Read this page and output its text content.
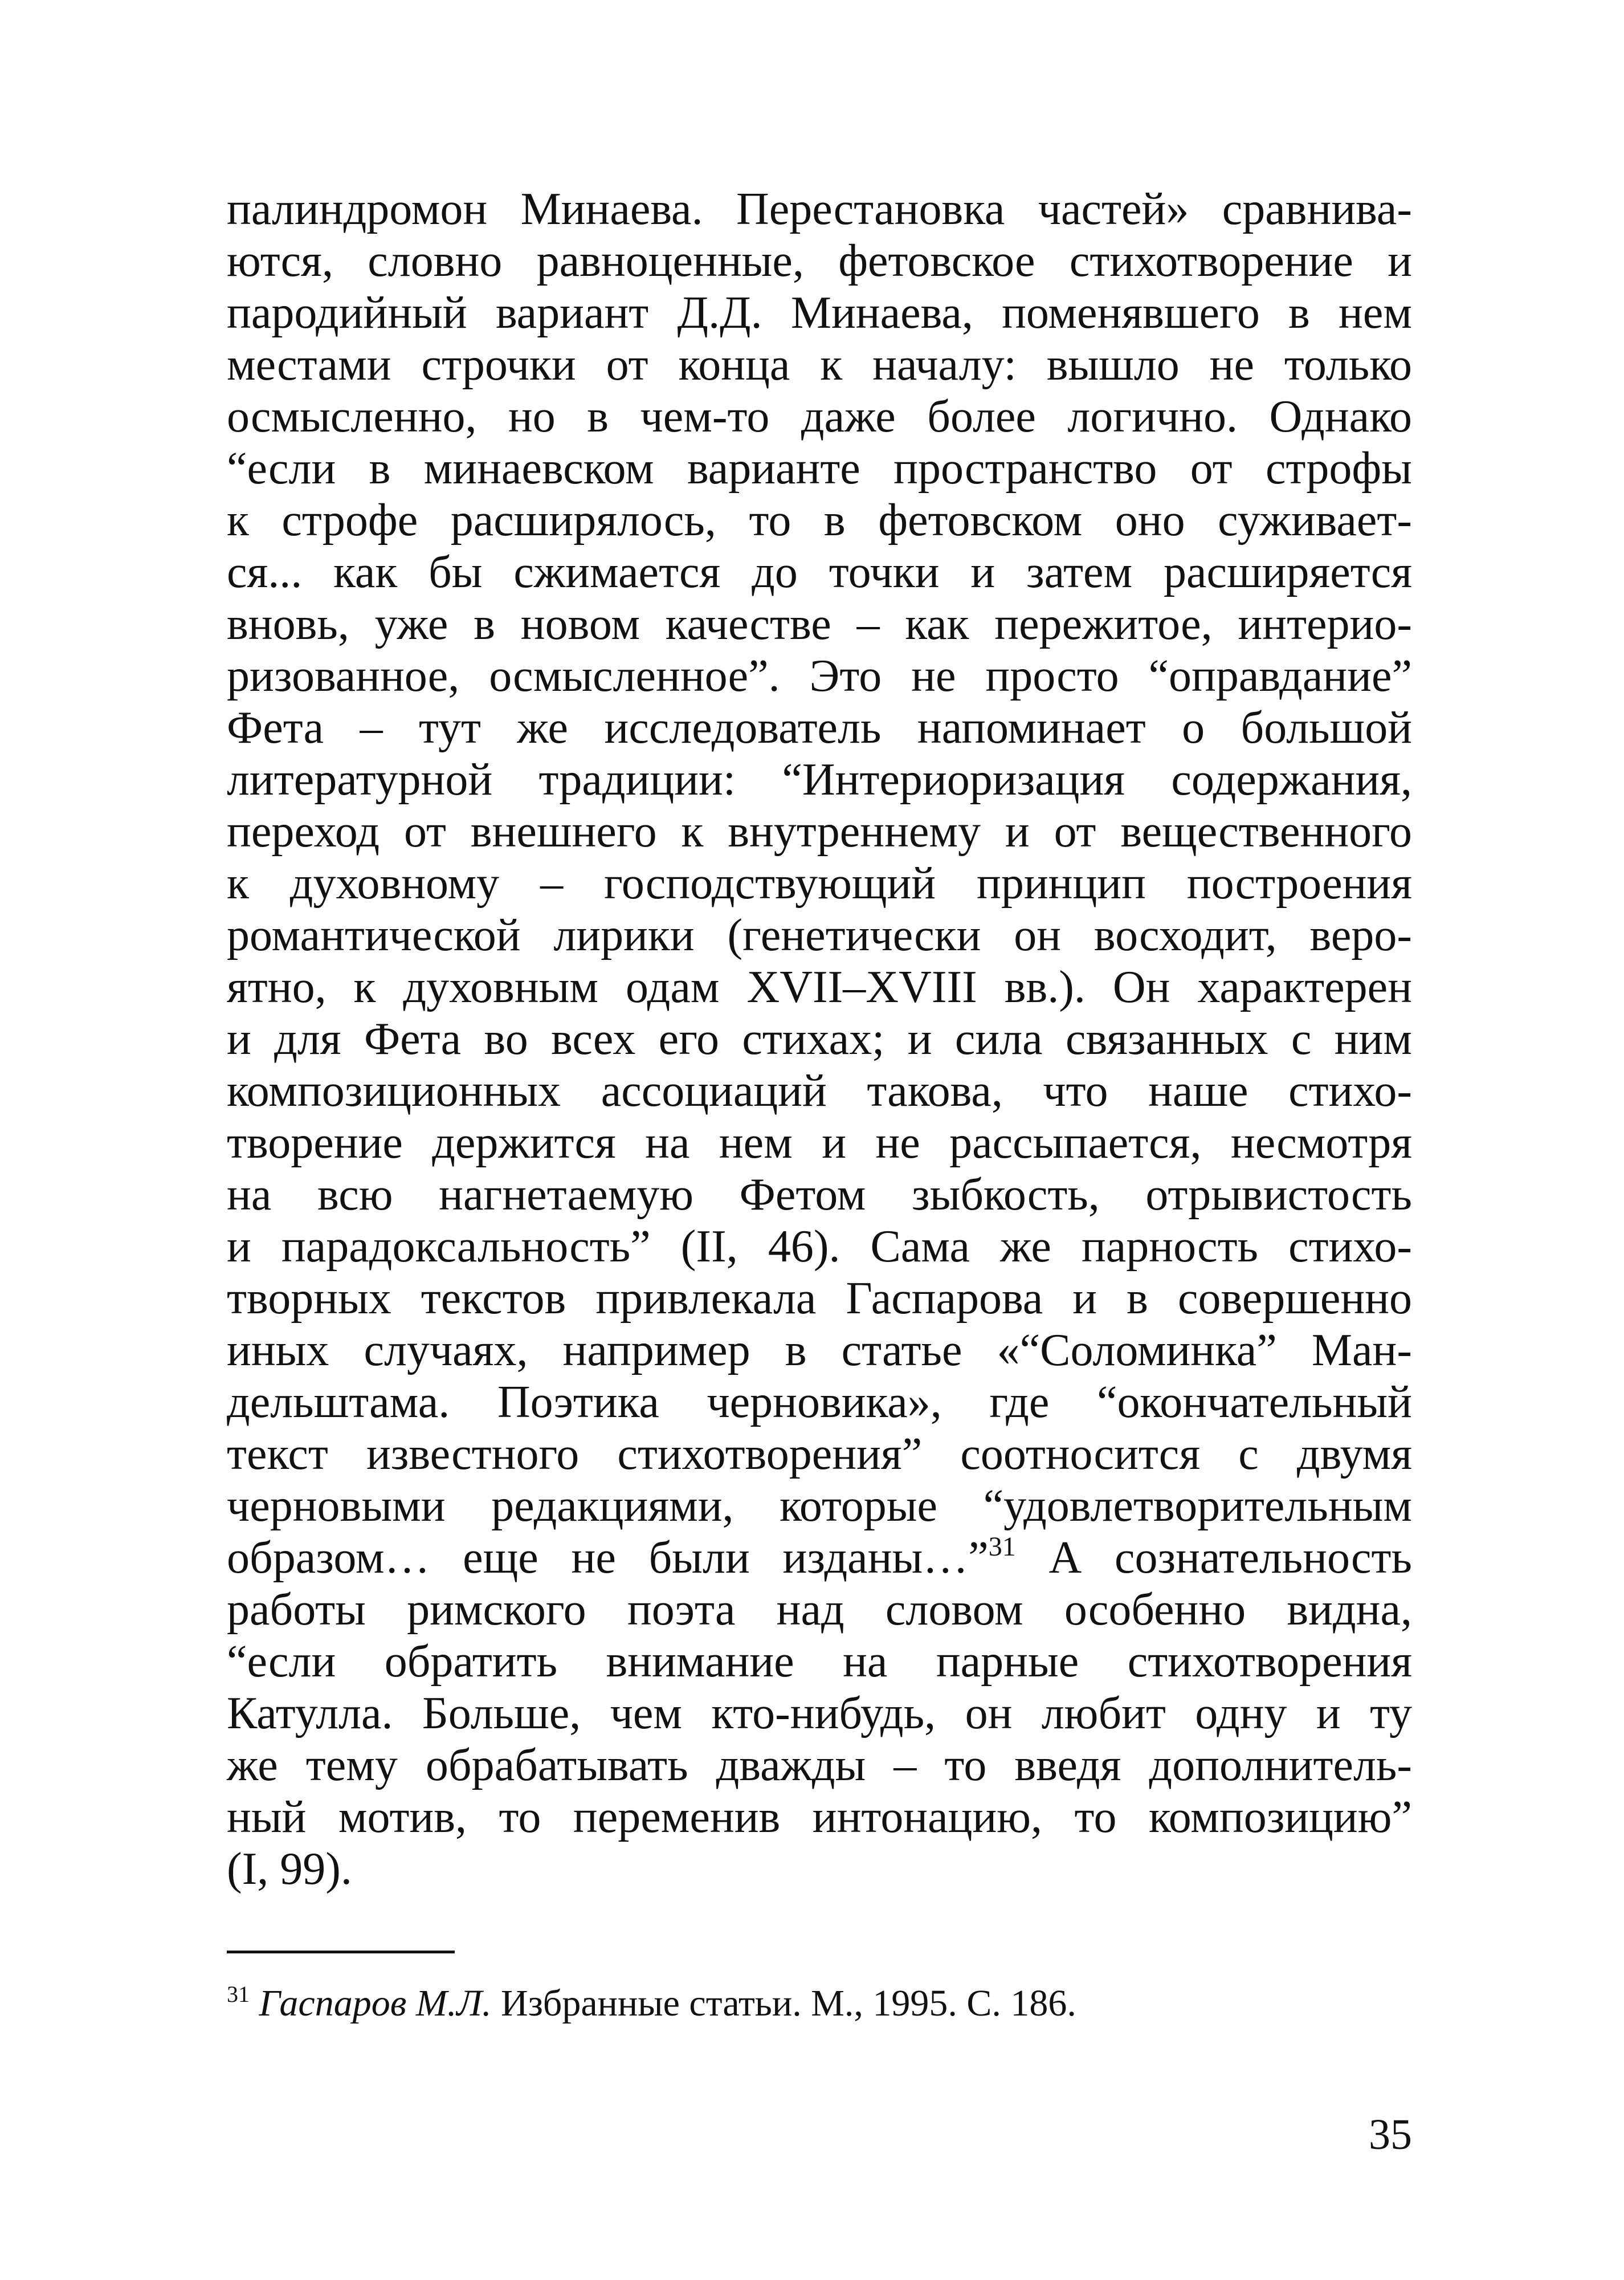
палиндромон Минаева. Перестановка частей» сравнива-
ются, словно равноценные, фетовское стихотворение и
пародийный вариант Д.Д. Минаева, поменявшего в нем
местами строчки от конца к началу: вышло не только
осмысленно, но в чем-то даже более логично. Однако
“если в минаевском варианте пространство от строфы
к строфе расширялось, то в фетовском оно суживает-
ся... как бы сжимается до точки и затем расширяется
вновь, уже в новом качестве – как пережитое, интерио-
ризованное, осмысленное”. Это не просто “оправдание”
Фета – тут же исследователь напоминает о большой
литературной традиции: “Интериоризация содержания,
переход от внешнего к внутреннему и от вещественного
к духовному – господствующий принцип построения
романтической лирики (генетически он восходит, веро-
ятно, к духовным одам XVII–XVIII вв.). Он характерен
и для Фета во всех его стихах; и сила связанных с ним
композиционных ассоциаций такова, что наше стихо-
творение держится на нем и не рассыпается, несмотря
на всю нагнетаемую Фетом зыбкость, отрывистость
и парадоксальность” (II, 46). Сама же парность стихо-
творных текстов привлекала Гаспарова и в совершенно
иных случаях, например в статье «“Соломинка” Ман-
дельштама. Поэтика черновика», где “окончательный
текст известного стихотворения” соотносится с двумя
черновыми редакциями, которые “удовлетворительным
образом… еще не были изданы…”$^{31}$ А сознательность
работы римского поэта над словом особенно видна,
“если обратить внимание на парные стихотворения
Катулла. Больше, чем кто-нибудь, он любит одну и ту
же тему обрабатывать дважды – то введя дополнитель-
ный мотив, то переменив интонацию, то композицию”
(I, 99).
$^{31}$ Гаспаров М.Л. Избранные статьи. М., 1995. С. 186.
35
